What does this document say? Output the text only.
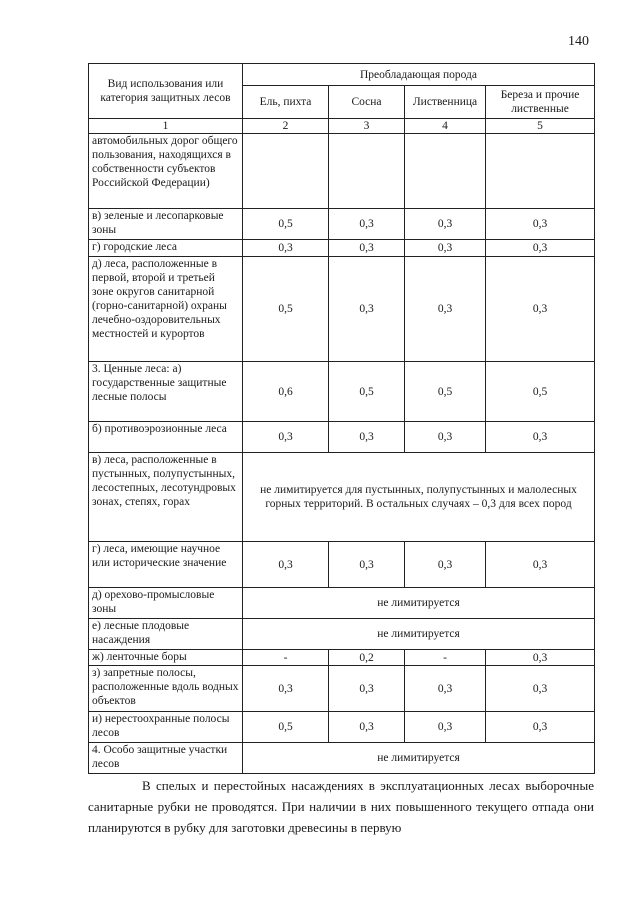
140
Вид использования или категория защитных лесов	Преобладающая порода			
	Ель, пихта	Сосна	Лиственница	Береза и прочие лиственные
1	2	3	4	5
автомобильных дорог общего пользования, находящихся в собственности субъектов Российской Федерации)				
в) зеленые и лесопарковые зоны	0,5	0,3	0,3	0,3
г) городские леса	0,3	0,3	0,3	0,3
д) леса, расположенные в первой, второй и третьей зоне округов санитарной (горно-санитарной) охраны лечебно-оздоровительных местностей и курортов	0,5	0,3	0,3	0,3
3. Ценные леса: а) государственные защитные лесные полосы	0,6	0,5	0,5	0,5
б) противоэрозионные леса	0,3	0,3	0,3	0,3
в) леса, расположенные в пустынных, полупустынных, лесостепных, лесотундровых зонах, степях, горах	не лимитируется для пустынных, полупустынных и малолесных горных территорий. В остальных случаях – 0,3 для всех пород			
г) леса, имеющие научное или исторические значение	0,3	0,3	0,3	0,3
д) орехово-промысловые зоны	не лимитируется			
е) лесные плодовые насаждения	не лимитируется			
ж) ленточные боры	-	0,2	-	0,3
з) запретные полосы, расположенные вдоль водных объектов	0,3	0,3	0,3	0,3
и) нерестоохранные полосы лесов	0,5	0,3	0,3	0,3
4. Особо защитные участки лесов	не лимитируется			

В спелых и перестойных насаждениях в эксплуатационных лесах выборочные санитарные рубки не проводятся. При наличии в них повышенного текущего отпада они планируются в рубку для заготовки древесины в первую
